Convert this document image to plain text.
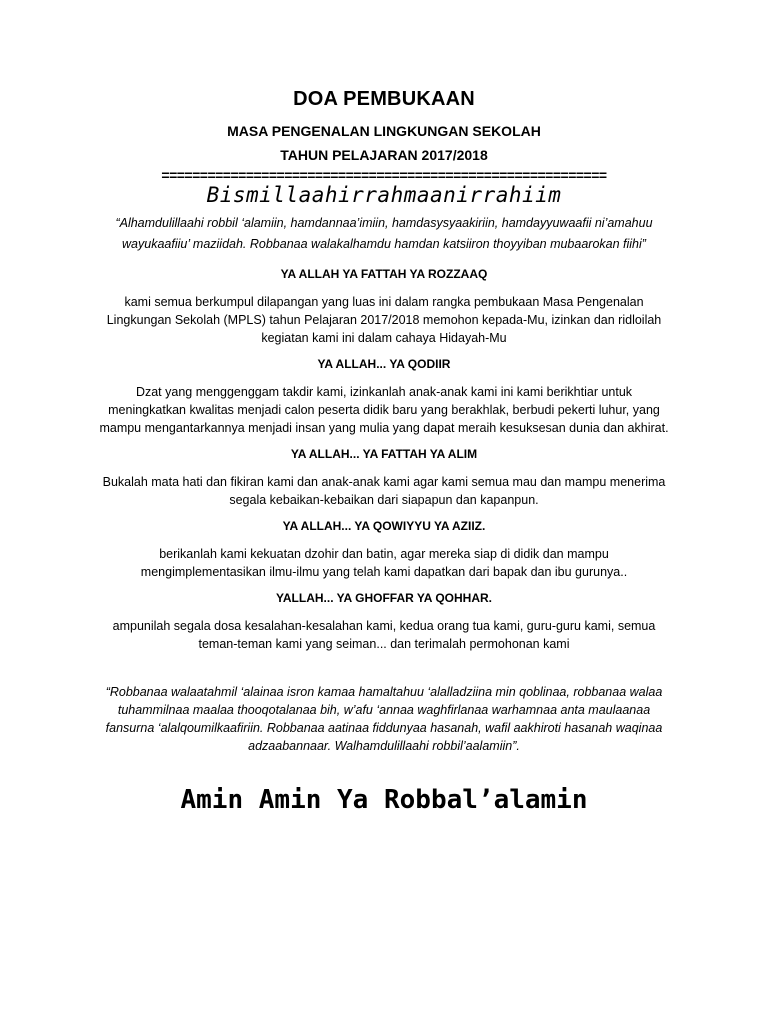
DOA PEMBUKAAN
MASA PENGENALAN LINGKUNGAN SEKOLAH
TAHUN PELAJARAN 2017/2018
==========================================================
Bismillaahirrahmaanirrahiim
“Alhamdulillaahi robbil ‘alamiin, hamdannaa’imiin, hamdasysyaakiriin, hamdayyuwaafii ni’amahuu wayukaafiiu’ maziidah. Robbanaa walakalhamdu hamdan katsiiron thoyyiban mubaarokan fiihi”
YA ALLAH YA FATTAH YA ROZZAAQ
kami semua berkumpul dilapangan yang luas ini dalam rangka pembukaan Masa Pengenalan Lingkungan Sekolah (MPLS) tahun Pelajaran 2017/2018 memohon kepada-Mu, izinkan dan ridloilah kegiatan kami ini dalam cahaya Hidayah-Mu
YA ALLAH... YA QODIIR
Dzat yang menggenggam takdir kami, izinkanlah anak-anak kami ini kami berikhtiar untuk meningkatkan kwalitas menjadi calon peserta didik baru yang berakhlak, berbudi pekerti luhur, yang mampu mengantarkannya menjadi insan yang mulia yang dapat meraih kesuksesan dunia dan akhirat.
YA ALLAH... YA FATTAH YA ALIM
Bukalah mata hati dan fikiran kami dan anak-anak kami agar kami semua mau dan mampu menerima segala kebaikan-kebaikan dari siapapun dan kapanpun.
YA ALLAH... YA QOWIYYU YA AZIIZ.
berikanlah kami kekuatan dzohir dan batin, agar mereka siap di didik dan mampu mengimplementasikan ilmu-ilmu yang telah kami dapatkan dari bapak dan ibu gurunya..
YALLAH... YA GHOFFAR YA QOHHAR.
ampunilah segala dosa kesalahan-kesalahan kami, kedua orang tua kami, guru-guru kami, semua teman-teman kami yang seiman... dan terimalah permohonan kami
“Robbanaa walaatahmil ‘alainaa isron kamaa hamaltahuu ‘alalladziina min qoblinaa, robbanaa walaa tuhammilnaa maalaa thooqotalanaa bih, w’afu ‘annaa waghfirlanaa warhamnaa anta maulaanaa fansurna ‘alalqoumilkaafiriin. Robbanaa aatinaa fiddunyaa hasanah, wafil aakhiroti hasanah waqinaa adzaabannaar. Walhamdulillaahi robbil’aalamiin”.
Amin Amin Ya Robbal’alamin
